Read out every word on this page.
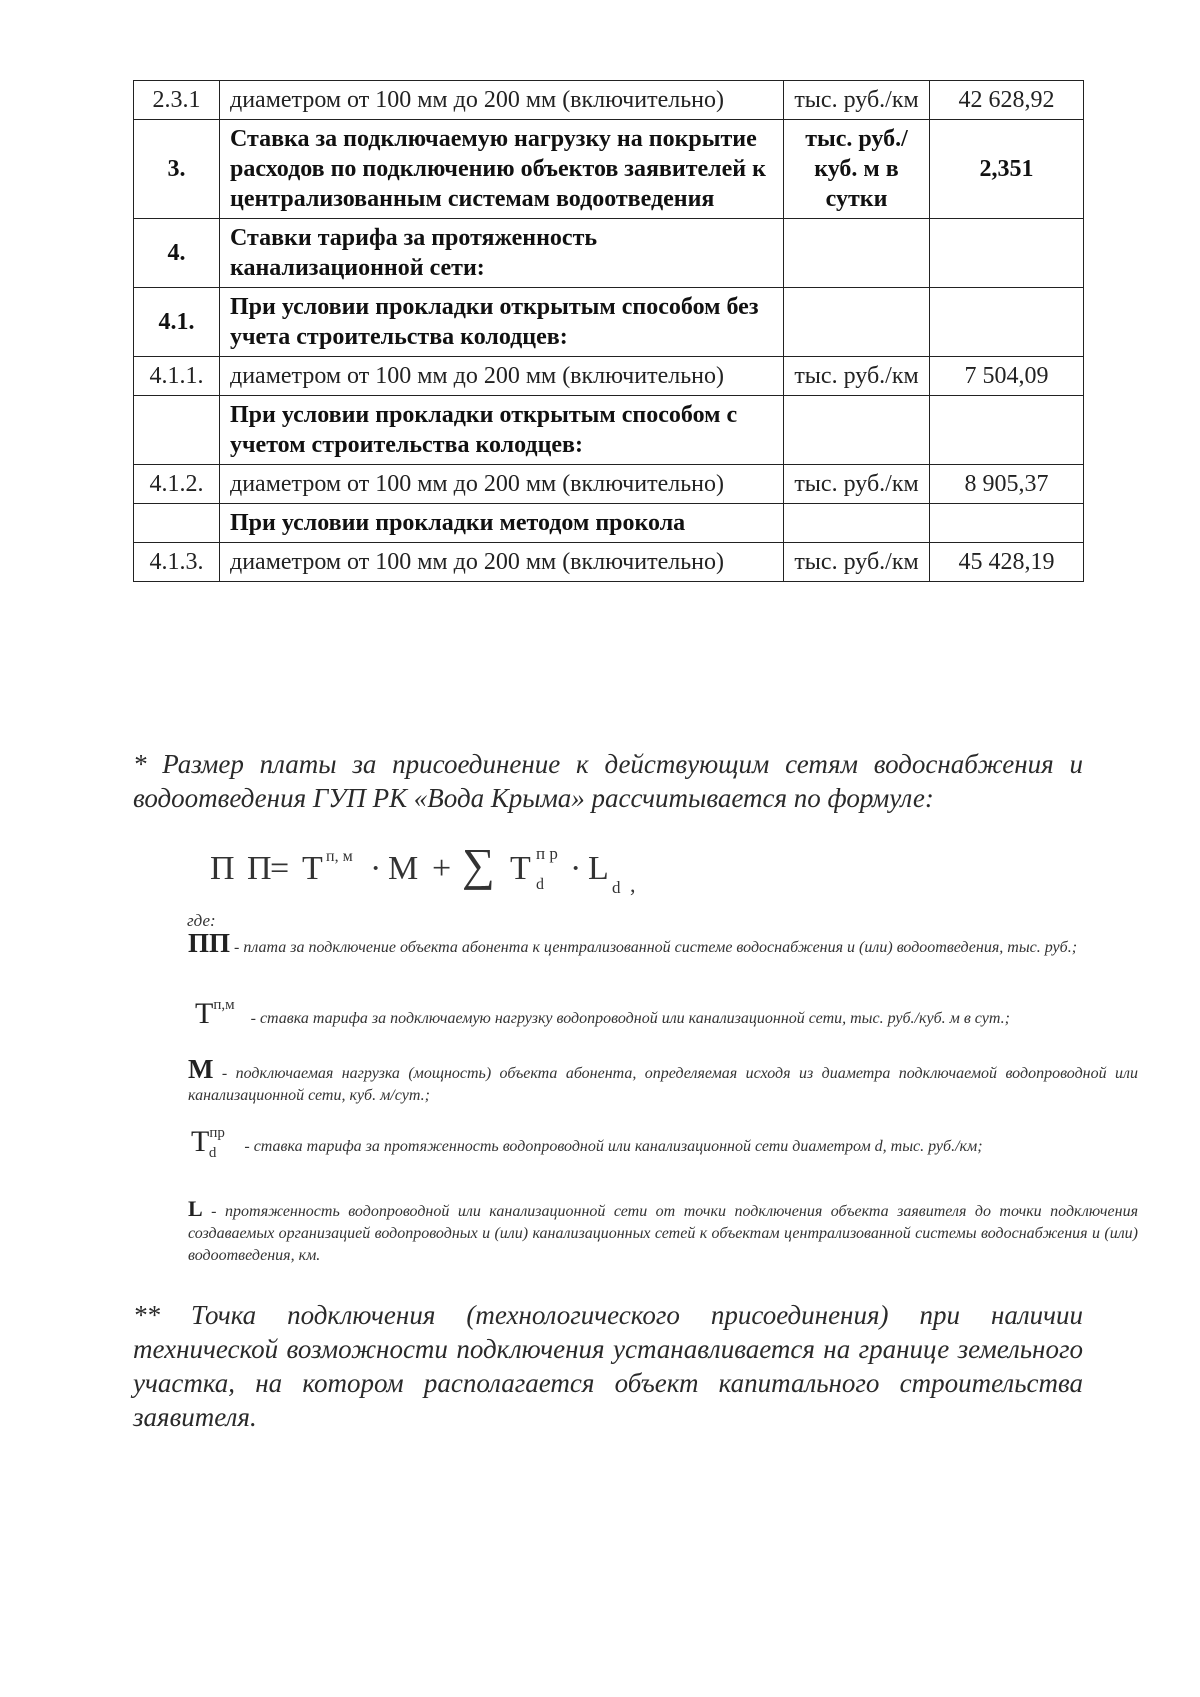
2.3.1	диаметром от 100 мм до 200 мм (включительно)	тыс. руб./км	42 628,92
3.	Ставка за подключаемую нагрузку на покрытие расходов по подключению объектов заявителей к централизованным системам водоотведения	тыс. руб./ куб. м в сутки	2,351
4.	Ставки тарифа за протяженность канализационной сети:		
4.1.	При условии прокладки открытым способом без учета строительства колодцев:		
4.1.1.	диаметром от 100 мм до 200 мм (включительно)	тыс. руб./км	7 504,09
	При условии прокладки открытым способом с учетом строительства колодцев:		
4.1.2.	диаметром от 100 мм до 200 мм (включительно)	тыс. руб./км	8 905,37
	При условии прокладки методом прокола		
4.1.3.	диаметром от 100 мм до 200 мм (включительно)	тыс. руб./км	45 428,19
* Размер платы за присоединение к действующим сетям водоснабжения и водоотведения ГУП РК «Вода Крыма» рассчитывается по формуле:
П П
= Т п, м · М + ∑ Т п р
d · L
d ,
где:
ПП - плата за подключение объекта абонента к централизованной системе водоснабжения и (или) водоотведения, тыс. руб.;
Тп,м - ставка тарифа за подключаемую нагрузку водопроводной или канализационной сети, тыс. руб./куб. м в сут.;
М - подключаемая нагрузка (мощность) объекта абонента, определяемая исходя из диаметра подключаемой водопроводной или канализационной сети, куб. м/сут.;
Тпрd - ставка тарифа за протяженность водопроводной или канализационной сети диаметром d, тыс. руб./км;
L - протяженность водопроводной или канализационной сети от точки подключения объекта заявителя до точки подключения создаваемых организацией водопроводных и (или) канализационных сетей к объектам централизованной системы водоснабжения и (или) водоотведения, км.
** Точка подключения (технологического присоединения) при наличии технической возможности подключения устанавливается на границе земельного участка, на котором располагается объект капитального строительства заявителя.
